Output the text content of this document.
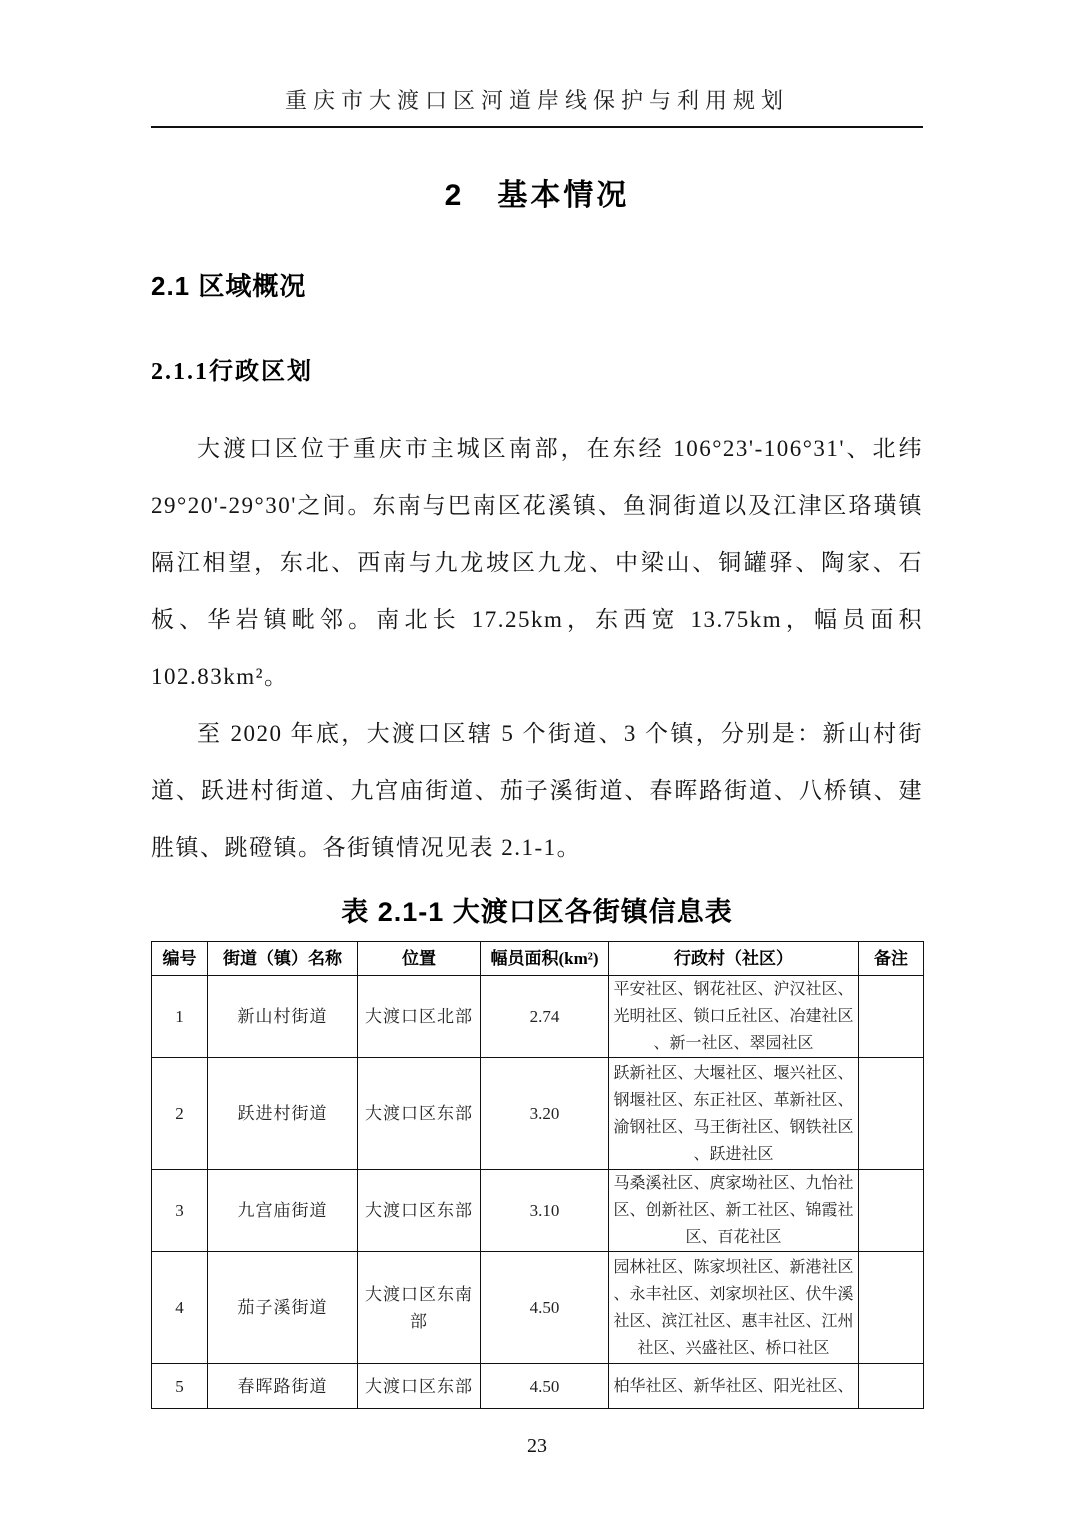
重庆市大渡口区河道岸线保护与利用规划
2　基本情况
2.1 区域概况
2.1.1行政区划

大渡口区位于重庆市主城区南部，在东经 106°23'-106°31'、北纬 29°20'-29°30'之间。东南与巴南区花溪镇、鱼洞街道以及江津区珞璜镇隔江相望，东北、西南与九龙坡区九龙、中梁山、铜罐驿、陶家、石板、华岩镇毗邻。南北长 17.25km，东西宽 13.75km，幅员面积 102.83km²。

至 2020 年底，大渡口区辖 5 个街道、3 个镇，分别是：新山村街道、跃进村街道、九宫庙街道、茄子溪街道、春晖路街道、八桥镇、建胜镇、跳磴镇。各街镇情况见表 2.1-1。

表 2.1-1 大渡口区各街镇信息表
编号	街道（镇）名称	位置	幅员面积(km²)	行政村（社区）	备注
1	新山村街道	大渡口区北部	2.74	平安社区、钢花社区、沪汉社区、光明社区、锁口丘社区、冶建社区、新一社区、翠园社区	
2	跃进村街道	大渡口区东部	3.20	跃新社区、大堰社区、堰兴社区、钢堰社区、东正社区、革新社区、渝钢社区、马王街社区、钢铁社区、跃进社区	
3	九宫庙街道	大渡口区东部	3.10	马桑溪社区、庹家坳社区、九怡社区、创新社区、新工社区、锦霞社区、百花社区	
4	茄子溪街道	大渡口区东南部	4.50	园林社区、陈家坝社区、新港社区、永丰社区、刘家坝社区、伏牛溪社区、滨江社区、惠丰社区、江州社区、兴盛社区、桥口社区	
5	春晖路街道	大渡口区东部	4.50	柏华社区、新华社区、阳光社区、	
23
